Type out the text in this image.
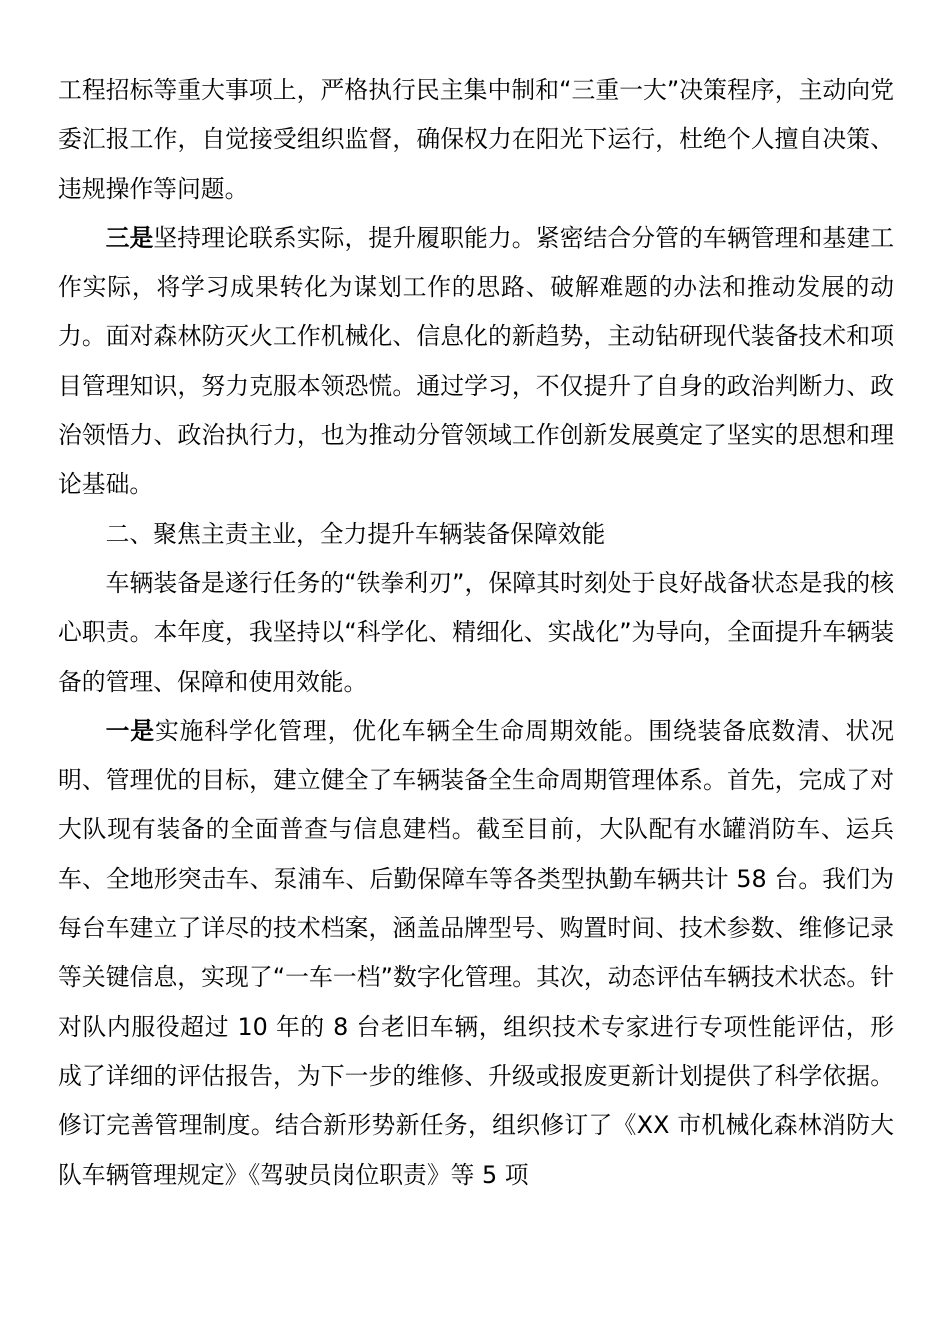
工程招标等重大事项上，严格执行民主集中制和“三重一大”决策程序，主动向党委汇报工作，自觉接受组织监督，确保权力在阳光下运行，杜绝个人擅自决策、违规操作等问题。

三是坚持理论联系实际，提升履职能力。紧密结合分管的车辆管理和基建工作实际，将学习成果转化为谋划工作的思路、破解难题的办法和推动发展的动力。面对森林防灭火工作机械化、信息化的新趋势，主动钻研现代装备技术和项目管理知识，努力克服本领恐慌。通过学习，不仅提升了自身的政治判断力、政治领悟力、政治执行力，也为推动分管领域工作创新发展奠定了坚实的思想和理论基础。

二、聚焦主责主业，全力提升车辆装备保障效能

车辆装备是遂行任务的“铁拳利刃”，保障其时刻处于良好战备状态是我的核心职责。本年度，我坚持以“科学化、精细化、实战化”为导向，全面提升车辆装备的管理、保障和使用效能。

一是实施科学化管理，优化车辆全生命周期效能。围绕装备底数清、状况明、管理优的目标，建立健全了车辆装备全生命周期管理体系。首先，完成了对大队现有装备的全面普查与信息建档。截至目前，大队配有水罐消防车、运兵车、全地形突击车、泵浦车、后勤保障车等各类型执勤车辆共计 58 台。我们为每台车建立了详尽的技术档案，涵盖品牌型号、购置时间、技术参数、维修记录等关键信息，实现了“一车一档”数字化管理。其次，动态评估车辆技术状态。针对队内服役超过 10 年的 8 台老旧车辆，组织技术专家进行专项性能评估，形成了详细的评估报告，为下一步的维修、升级或报废更新计划提供了科学依据。修订完善管理制度。结合新形势新任务，组织修订了《XX 市机械化森林消防大队车辆管理规定》《驾驶员岗位职责》等 5 项
